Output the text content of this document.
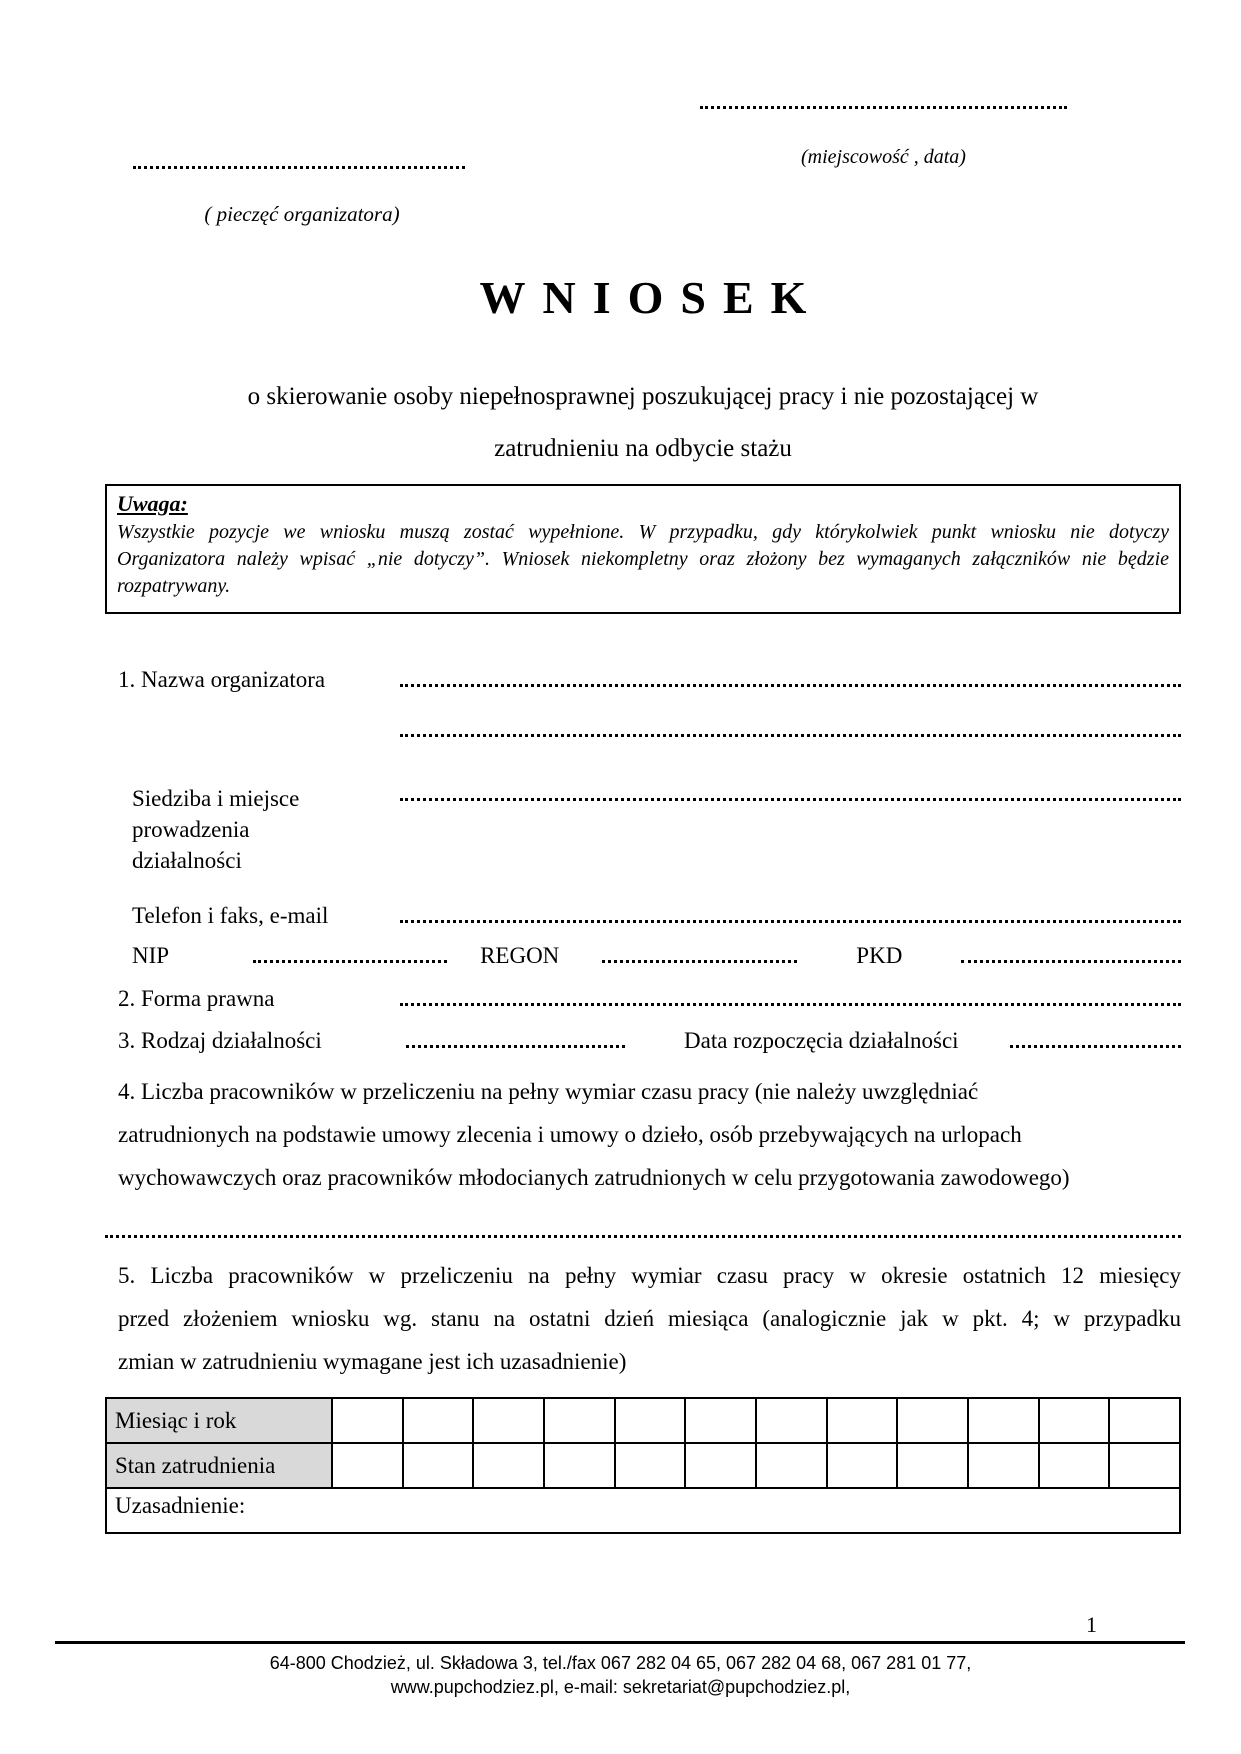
(miejscowość , data)
( pieczęć organizatora)
WNIOSEK
o skierowanie osoby niepełnosprawnej poszukującej pracy i nie pozostającej w
zatrudnieniu na odbycie stażu
Uwaga:
Wszystkie pozycje we wniosku muszą zostać wypełnione. W przypadku, gdy którykolwiek punkt wniosku nie dotyczy
Organizatora należy wpisać „nie dotyczy”. Wniosek niekompletny oraz złożony bez wymaganych załączników nie będzie
rozpatrywany.
1. Nazwa organizatora
Siedziba i miejsce
prowadzenia
działalności
Telefon i faks, e-mail
NIP	REGON	PKD
2. Forma prawna
3. Rodzaj działalności	Data rozpoczęcia działalności
4. Liczba pracowników w przeliczeniu na pełny wymiar czasu pracy (nie należy uwzględniać
zatrudnionych na podstawie umowy zlecenia i umowy o dzieło, osób przebywających na urlopach
wychowawczych oraz pracowników młodocianych zatrudnionych w celu przygotowania zawodowego)
5. Liczba pracowników w przeliczeniu na pełny wymiar czasu pracy w okresie ostatnich 12 miesięcy
przed złożeniem wniosku wg. stanu na ostatni dzień miesiąca (analogicznie jak w pkt. 4; w przypadku
zmian w zatrudnieniu wymagane jest ich uzasadnienie)
Miesiąc i rok												
Stan zatrudnienia												
Uzasadnienie:												
1
64-800 Chodzież, ul. Składowa 3, tel./fax 067 282 04 65, 067 282 04 68, 067 281 01 77,
www.pupchodziez.pl, e-mail: sekretariat@pupchodziez.pl,
